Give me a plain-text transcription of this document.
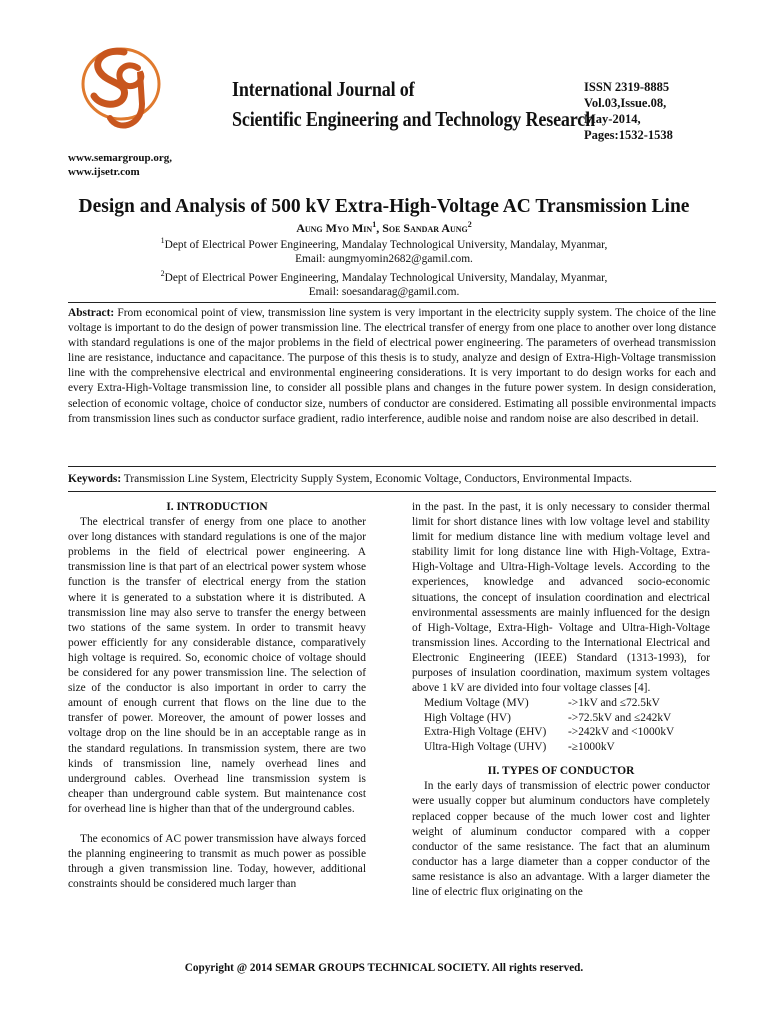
International Journal of
Scientific Engineering and Technology Research
ISSN 2319-8885
Vol.03,Issue.08,
May-2014,
Pages:1532-1538
www.semargroup.org,
www.ijsetr.com
Design and Analysis of 500 kV Extra-High-Voltage AC Transmission Line
Aung Myo Min$^1$, Soe Sandar Aung$^2$
$^1$Dept of Electrical Power Engineering, Mandalay Technological University, Mandalay, Myanmar,
Email: aungmyomin2682@gamil.com.
$^2$Dept of Electrical Power Engineering, Mandalay Technological University, Mandalay, Myanmar,
Email: soesandarag@gamil.com.
Abstract: From economical point of view, transmission line system is very important in the electricity supply system. The choice of the line voltage is important to do the design of power transmission line. The electrical transfer of energy from one place to another over long distance with standard regulations is one of the major problems in the field of electrical power engineering. The parameters of overhead transmission line are resistance, inductance and capacitance. The purpose of this thesis is to study, analyze and design of Extra-High-Voltage transmission line with the comprehensive electrical and environmental engineering considerations. It is very important to do design works for each and every Extra-High-Voltage transmission line, to consider all possible plans and changes in the future power system. In design consideration, selection of economic voltage, choice of conductor size, numbers of conductor are considered. Estimating all possible environmental impacts from transmission lines such as conductor surface gradient, radio interference, audible noise and random noise are also described in detail.
Keywords: Transmission Line System, Electricity Supply System, Economic Voltage, Conductors, Environmental Impacts.
I. INTRODUCTION

The electrical transfer of energy from one place to another over long distances with standard regulations is one of the major problems in the field of electrical power engineering. A transmission line is that part of an electrical power system whose function is the transfer of electrical energy from the station where it is generated to a substation where it is distributed. A transmission line may also serve to transfer the energy between two stations of the same system. In order to transmit heavy power efficiently for any considerable distance, comparatively high voltage is required. So, economic choice of voltage should be considered for any power transmission line. The selection of size of the conductor is also important in order to carry the amount of enough current that flows on the line due to the transfer of power. Moreover, the amount of power losses and voltage drop on the line should be in an acceptable range as in the standard regulations. In transmission system, there are two kinds of transmission line, namely overhead lines and underground cables. Overhead line transmission system is cheaper than underground cable system. But maintenance cost for overhead line is higher than that of the underground cables.

The economics of AC power transmission have always forced the planning engineering to transmit as much power as possible through a given transmission line. Today, however, additional constraints should be considered much larger than

in the past. In the past, it is only necessary to consider thermal limit for short distance lines with low voltage level and stability limit for medium distance line with medium voltage level and stability limit for long distance line with High-Voltage, Extra-High-Voltage and Ultra-High-Voltage levels. According to the experiences, knowledge and advanced socio-economic situations, the concept of insulation coordination and electrical environmental assessments are mainly influenced for the design of High-Voltage, Extra-High- Voltage and Ultra-High-Voltage transmission lines. According to the International Electrical and Electronic Engineering (IEEE) Standard (1313-1993), for purposes of insulation coordination, maximum system voltages above 1 kV are divided into four voltage classes [4].

Medium Voltage (MV)	->1kV and ≤72.5kV
High Voltage (HV)	->72.5kV and ≤242kV
Extra-High Voltage (EHV)	->242kV and <1000kV
Ultra-High Voltage (UHV)	-≥1000kV
II. TYPES OF CONDUCTOR

In the early days of transmission of electric power conductor were usually copper but aluminum conductors have completely replaced copper because of the much lower cost and lighter weight of aluminum conductor compared with a copper conductor of the same resistance. The fact that an aluminum conductor has a large diameter than a copper conductor of the same resistance is also an advantage. With a larger diameter the line of electric flux originating on the

Copyright @ 2014 SEMAR GROUPS TECHNICAL SOCIETY. All rights reserved.
